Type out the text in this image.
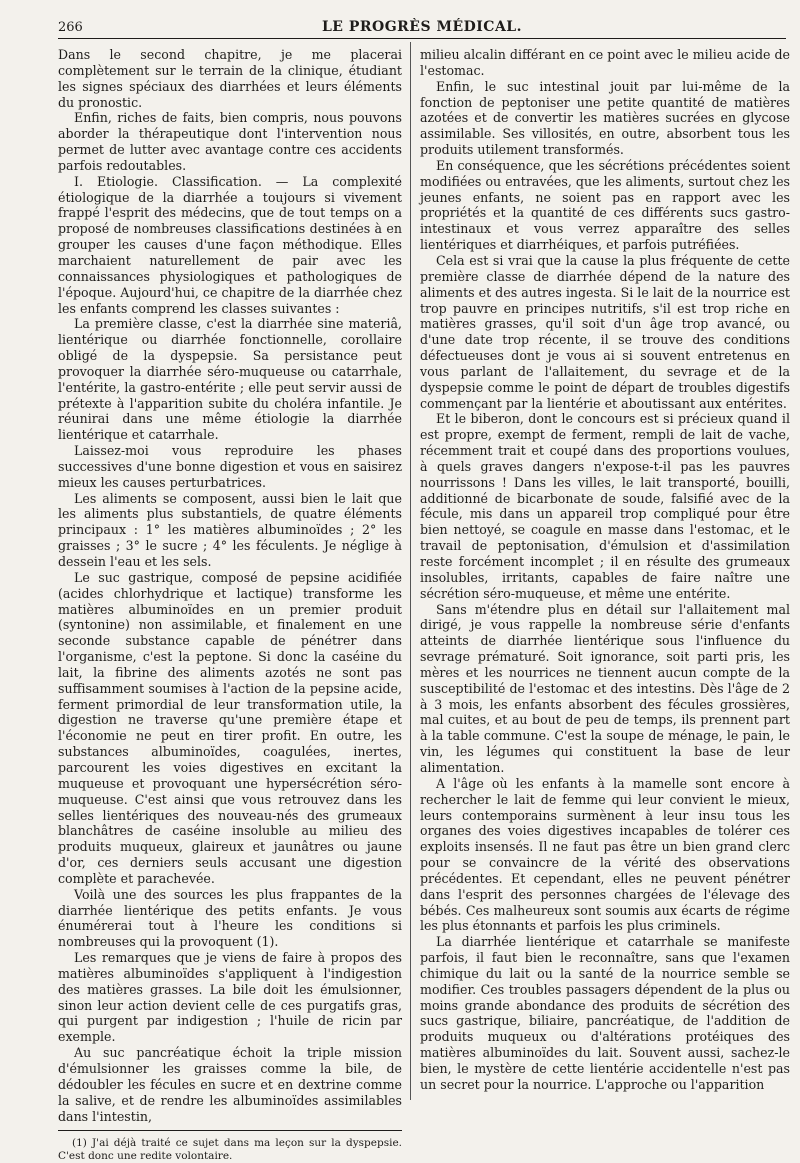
266	LE PROGRÈS MÉDICAL.

Dans le second chapitre, je me placerai complètement sur le terrain de la clinique, étudiant les signes spéciaux des diarrhées et leurs éléments du pronostic.

Enfin, riches de faits, bien compris, nous pouvons aborder la thérapeutique dont l'intervention nous permet de lutter avec avantage contre ces accidents parfois redoutables.

I. Etiologie. Classification. — La complexité étiologique de la diarrhée a toujours si vivement frappé l'esprit des médecins, que de tout temps on a proposé de nombreuses classifications destinées à en grouper les causes d'une façon méthodique. Elles marchaient naturellement de pair avec les connaissances physiologiques et pathologiques de l'époque. Aujourd'hui, ce chapitre de la diarrhée chez les enfants comprend les classes suivantes :

La première classe, c'est la diarrhée sine materiâ, lientérique ou diarrhée fonctionnelle, corollaire obligé de la dyspepsie. Sa persistance peut provoquer la diarrhée séro-muqueuse ou catarrhale, l'entérite, la gastro-entérite ; elle peut servir aussi de prétexte à l'apparition subite du choléra infantile. Je réunirai dans une même étiologie la diarrhée lientérique et catarrhale.

Laissez-moi vous reproduire les phases successives d'une bonne digestion et vous en saisirez mieux les causes perturbatrices.

Les aliments se composent, aussi bien le lait que les aliments plus substantiels, de quatre éléments principaux : 1° les matières albuminoïdes ; 2° les graisses ; 3° le sucre ; 4° les féculents. Je néglige à dessein l'eau et les sels.

Le suc gastrique, composé de pepsine acidifiée (acides chlorhydrique et lactique) transforme les matières albuminoïdes en un premier produit (syntonine) non assimilable, et finalement en une seconde substance capable de pénétrer dans l'organisme, c'est la peptone. Si donc la caséine du lait, la fibrine des aliments azotés ne sont pas suffisamment soumises à l'action de la pepsine acide, ferment primordial de leur transformation utile, la digestion ne traverse qu'une première étape et l'économie ne peut en tirer profit. En outre, les substances albuminoïdes, coagulées, inertes, parcourent les voies digestives en excitant la muqueuse et provoquant une hypersécrétion séro-muqueuse. C'est ainsi que vous retrouvez dans les selles lientériques des nouveau-nés des grumeaux blanchâtres de caséine insoluble au milieu des produits muqueux, glaireux et jaunâtres ou jaune d'or, ces derniers seuls accusant une digestion complète et parachevée.

Voilà une des sources les plus frappantes de la diarrhée lientérique des petits enfants. Je vous énumérerai tout à l'heure les conditions si nombreuses qui la provoquent (1).

Les remarques que je viens de faire à propos des matières albuminoïdes s'appliquent à l'indigestion des matières grasses. La bile doit les émulsionner, sinon leur action devient celle de ces purgatifs gras, qui purgent par indigestion ; l'huile de ricin par exemple.

Au suc pancréatique échoit la triple mission d'émulsionner les graisses comme la bile, de dédoubler les fécules en sucre et en dextrine comme la salive, et de rendre les albuminoïdes assimilables dans l'intestin,

(1) J'ai déjà traité ce sujet dans ma leçon sur la dyspepsie. C'est donc une redite volontaire.

milieu alcalin différant en ce point avec le milieu acide de l'estomac.

Enfin, le suc intestinal jouit par lui-même de la fonction de peptoniser une petite quantité de matières azotées et de convertir les matières sucrées en glycose assimilable. Ses villosités, en outre, absorbent tous les produits utilement transformés.

En conséquence, que les sécrétions précédentes soient modifiées ou entravées, que les aliments, surtout chez les jeunes enfants, ne soient pas en rapport avec les propriétés et la quantité de ces différents sucs gastro-intestinaux et vous verrez apparaître des selles lientériques et diarrhéiques, et parfois putréfiées.

Cela est si vrai que la cause la plus fréquente de cette première classe de diarrhée dépend de la nature des aliments et des autres ingesta. Si le lait de la nourrice est trop pauvre en principes nutritifs, s'il est trop riche en matières grasses, qu'il soit d'un âge trop avancé, ou d'une date trop récente, il se trouve des conditions défectueuses dont je vous ai si souvent entretenus en vous parlant de l'allaitement, du sevrage et de la dyspepsie comme le point de départ de troubles digestifs commençant par la lientérie et aboutissant aux entérites.

Et le biberon, dont le concours est si précieux quand il est propre, exempt de ferment, rempli de lait de vache, récemment trait et coupé dans des proportions voulues, à quels graves dangers n'expose-t-il pas les pauvres nourrissons ! Dans les villes, le lait transporté, bouilli, additionné de bicarbonate de soude, falsifié avec de la fécule, mis dans un appareil trop compliqué pour être bien nettoyé, se coagule en masse dans l'estomac, et le travail de peptonisation, d'émulsion et d'assimilation reste forcément incomplet ; il en résulte des grumeaux insolubles, irritants, capables de faire naître une sécrétion séro-muqueuse, et même une entérite.

Sans m'étendre plus en détail sur l'allaitement mal dirigé, je vous rappelle la nombreuse série d'enfants atteints de diarrhée lientérique sous l'influence du sevrage prématuré. Soit ignorance, soit parti pris, les mères et les nourrices ne tiennent aucun compte de la susceptibilité de l'estomac et des intestins. Dès l'âge de 2 à 3 mois, les enfants absorbent des fécules grossières, mal cuites, et au bout de peu de temps, ils prennent part à la table commune. C'est la soupe de ménage, le pain, le vin, les légumes qui constituent la base de leur alimentation.

A l'âge où les enfants à la mamelle sont encore à rechercher le lait de femme qui leur convient le mieux, leurs contemporains surmènent à leur insu tous les organes des voies digestives incapables de tolérer ces exploits insensés. Il ne faut pas être un bien grand clerc pour se convaincre de la vérité des observations précédentes. Et cependant, elles ne peuvent pénétrer dans l'esprit des personnes chargées de l'élevage des bébés. Ces malheureux sont soumis aux écarts de régime les plus étonnants et parfois les plus criminels.

La diarrhée lientérique et catarrhale se manifeste parfois, il faut bien le reconnaître, sans que l'examen chimique du lait ou la santé de la nourrice semble se modifier. Ces troubles passagers dépendent de la plus ou moins grande abondance des produits de sécrétion des sucs gastrique, biliaire, pancréatique, de l'addition de produits muqueux ou d'altérations protéiques des matières albuminoïdes du lait. Souvent aussi, sachez-le bien, le mystère de cette lientérie accidentelle n'est pas un secret pour la nourrice. L'approche ou l'apparition
